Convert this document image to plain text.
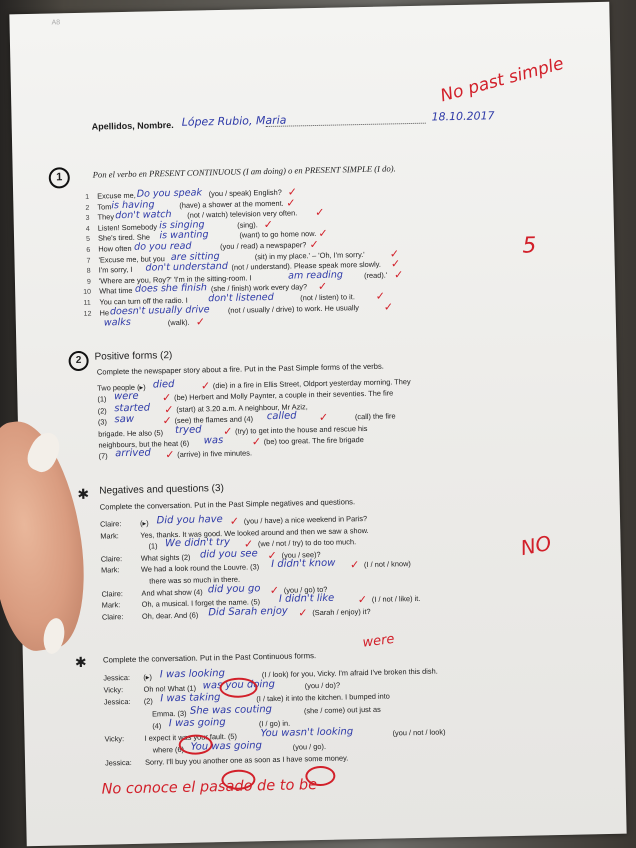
A8
No past simple
Apellidos, Nombre. López Rubio, Maria	18.10.2017
1	Pon el verbo en PRESENT CONTINUOUS (I am doing) o en PRESENT SIMPLE (I do).
5
1 Excuse me, Do you speak (you / speak) English? ✓
2 Tom is having	(have) a shower at the moment. ✓
3 They don't watch (not / watch) television very often. ✓
4 Listen! Somebody is singing	(sing). ✓
5 She's tired. She is wanting	(want) to go home now. ✓
6 How often do you read	(you / read) a newspaper? ✓
7 'Excuse me, but you are sitting	(sit) in my place.' – 'Oh, I'm sorry.' ✓
8 I'm sorry, I don't understand (not / understand). Please speak more slowly. ✓
9 'Where are you, Roy?' 'I'm in the sitting-room. I	am reading	(read).' ✓
10 What time does she finish (she / finish) work every day? ✓
11 You can turn off the radio. I don't listened	(not / listen) to it. ✓
12 He doesn't usually drive (not / usually / drive) to work. He usually ✓
walks	(walk). ✓
2	Positive forms (2)
Complete the newspaper story about a fire. Put in the Past Simple forms of the verbs.
Two people (▸) died	(die) in a fire in Ellis Street, Oldport yesterday morning. They
✓
(1) were	(be) Herbert and Molly Paynter, a couple in their seventies. The fire
✓
(2) started	(start) at 3.20 a.m. A neighbour, Mr Aziz,
✓
(3) saw	(see) the flames and (4)
✓	called	(call) the fire
✓
brigade. He also (5) tryed	(try) to get into the house and rescue his
✓
neighbours, but the heat (6) was	(be) too great. The fire brigade
✓
(7) arrived	(arrive) in five minutes.
✓
✱ Negatives and questions (3)
Complete the conversation. Put in the Past Simple negatives and questions.
NO
Claire: (▸) Did you have	(you / have) a nice weekend in Paris?
✓
Mark:	Yes, thanks. It was good. We looked around and then we saw a show.
(1) We didn't try	(we / not / try) to do too much.
✓
Claire: What sights (2) did you see	(you / see)?
✓
Mark:	We had a look round the Louvre. (3) I didn't know	(I / not / know)
✓
there was so much in there.
Claire: And what show (4) did you go	(you / go) to?
✓
Mark:	Oh, a musical. I forget the name. (5) I didn't like	(I / not / like) it.
✓
Claire: Oh, dear. And (6) Did Sarah enjoy	(Sarah / enjoy) it?
✓
✱ Complete the conversation. Put in the Past Continuous forms.
were
Jessica: (▸) I was looking	(I / look) for you, Vicky. I'm afraid I've broken this dish.
Vicky:	Oh no! What (1) was you doing	(you / do)?
Jessica: (2) I was taking	(I / take) it into the kitchen. I bumped into
Emma. (3) She was couting	(she / come) out just as
(4) I was going	(I / go) in.
Vicky:	I expect it was your fault. (5) You wasn't looking	(you / not / look)
where (6) You was going	(you / go).
Jessica: Sorry. I'll buy you another one as soon as I have some money.
No conoce el pasado de to be
